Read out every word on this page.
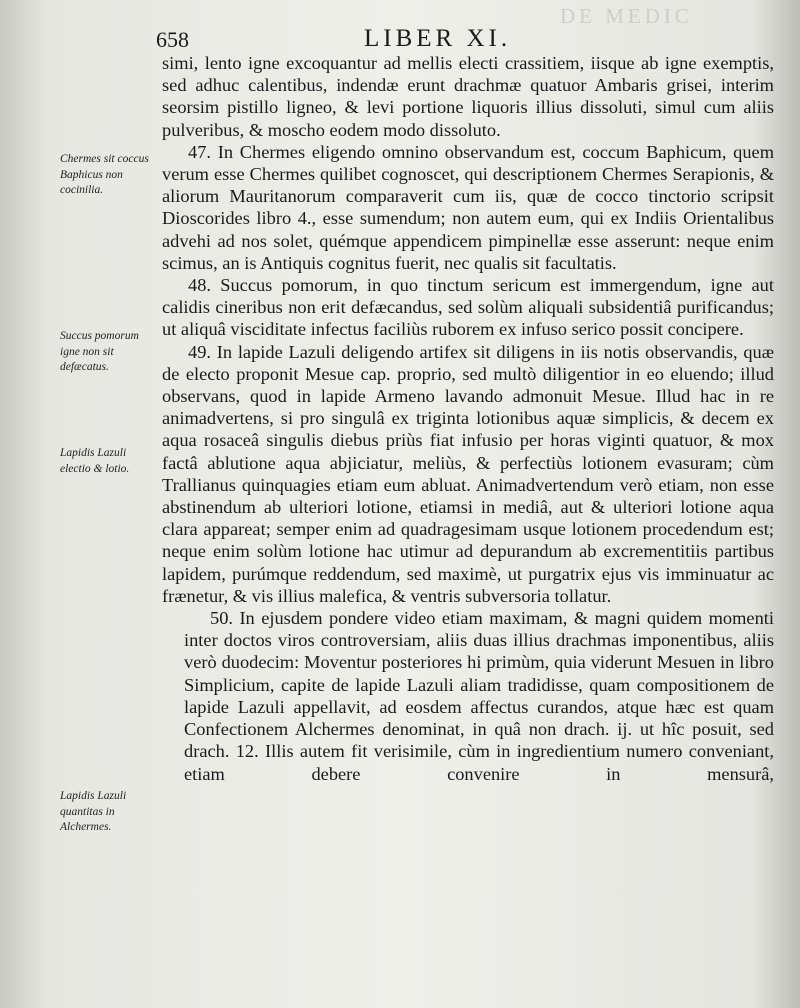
DE MEDIC
658	LIBER XI.
Chermes sit coccus Baphicus non cocinilia.
Succus pomorum igne non sit defæcatus.
Lapidis Lazuli electio & lotio.
Lapidis Lazuli quantitas in Alchermes.

simi, lento igne excoquantur ad mellis electi crassitiem, iisque ab igne exemptis, sed adhuc calentibus, indendæ erunt drachmæ quatuor Ambaris grisei, interim seorsim pistillo ligneo, & levi portione liquoris illius dissoluti, simul cum aliis pulveribus, & moscho eodem modo dissoluto.

47. In Chermes eligendo omnino observandum est, coccum Baphicum, quem verum esse Chermes quilibet cognoscet, qui descriptionem Chermes Serapionis, & aliorum Mauritanorum comparaverit cum iis, quæ de cocco tinctorio scripsit Dioscorides libro 4., esse sumendum; non autem eum, qui ex Indiis Orientalibus advehi ad nos solet, quémque appendicem pimpinellæ esse asserunt: neque enim scimus, an is Antiquis cognitus fuerit, nec qualis sit facultatis.

48. Succus pomorum, in quo tinctum sericum est immergendum, igne aut calidis cineribus non erit defæcandus, sed solùm aliquali subsidentiâ purificandus; ut aliquâ visciditate infectus faciliùs ruborem ex infuso serico possit concipere.

49. In lapide Lazuli deligendo artifex sit diligens in iis notis observandis, quæ de electo proponit Mesue cap. proprio, sed multò diligentior in eo eluendo; illud observans, quod in lapide Armeno lavando admonuit Mesue. Illud hac in re animadvertens, si pro singulâ ex triginta lotionibus aquæ simplicis, & decem ex aqua rosaceâ singulis diebus priùs fiat infusio per horas viginti quatuor, & mox factâ ablutione aqua abjiciatur, meliùs, & perfectiùs lotionem evasuram; cùm Trallianus quinquagies etiam eum abluat. Animadvertendum verò etiam, non esse abstinendum ab ulteriori lotione, etiamsi in mediâ, aut & ulteriori lotione aqua clara appareat; semper enim ad quadragesimam usque lotionem procedendum est; neque enim solùm lotione hac utimur ad depurandum ab excrementitiis partibus lapidem, purúmque reddendum, sed maximè, ut purgatrix ejus vis imminuatur ac frænetur, & vis illius malefica, & ventris subversoria tollatur.

50. In ejusdem pondere video etiam maximam, & magni quidem momenti inter doctos viros controversiam, aliis duas illius drachmas imponentibus, aliis verò duodecim: Moventur posteriores hi primùm, quia viderunt Mesuen in libro Simplicium, capite de lapide Lazuli aliam tradidisse, quam compositionem de lapide Lazuli appellavit, ad eosdem affectus curandos, atque hæc est quam Confectionem Alchermes denominat, in quâ non drach. ij. ut hîc posuit, sed drach. 12. Illis autem fit verisimile, cùm in ingredientium numero conveniant, etiam debere convenire in mensurâ,
